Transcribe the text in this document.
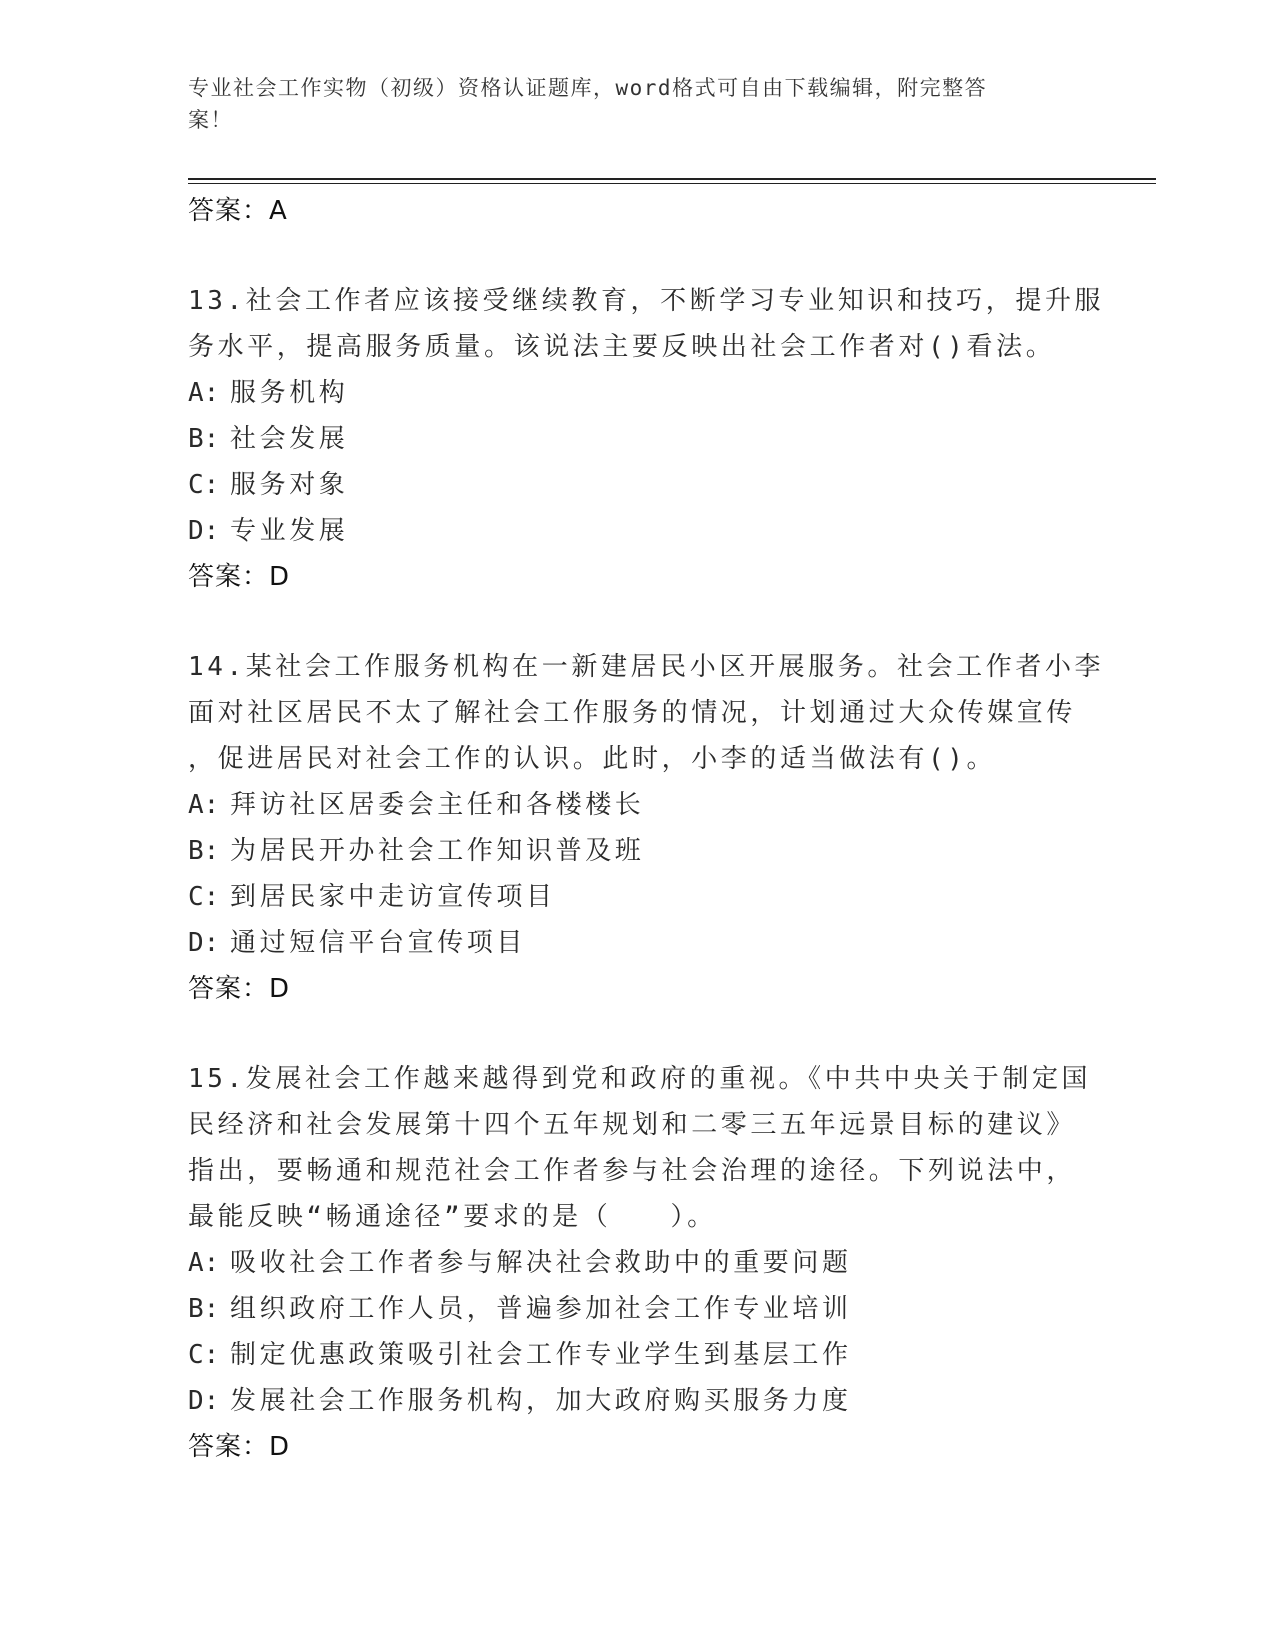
专业社会工作实物（初级）资格认证题库，word格式可自由下载编辑，附完整答
案！
答案：A
13.社会工作者应该接受继续教育，不断学习专业知识和技巧，提升服
务水平，提高服务质量。该说法主要反映出社会工作者对()看法。
A: 服务机构
B: 社会发展
C: 服务对象
D: 专业发展
答案：D
14.某社会工作服务机构在一新建居民小区开展服务。社会工作者小李
面对社区居民不太了解社会工作服务的情况，计划通过大众传媒宣传
，促进居民对社会工作的认识。此时，小李的适当做法有()。
A: 拜访社区居委会主任和各楼楼长
B: 为居民开办社会工作知识普及班
C: 到居民家中走访宣传项目
D: 通过短信平台宣传项目
答案：D
15.发展社会工作越来越得到党和政府的重视。《中共中央关于制定国
民经济和社会发展第十四个五年规划和二零三五年远景目标的建议》
指出，要畅通和规范社会工作者参与社会治理的途径。下列说法中，
最能反映“畅通途径”要求的是（　　）。
A: 吸收社会工作者参与解决社会救助中的重要问题
B: 组织政府工作人员，普遍参加社会工作专业培训
C: 制定优惠政策吸引社会工作专业学生到基层工作
D: 发展社会工作服务机构，加大政府购买服务力度
答案：D
